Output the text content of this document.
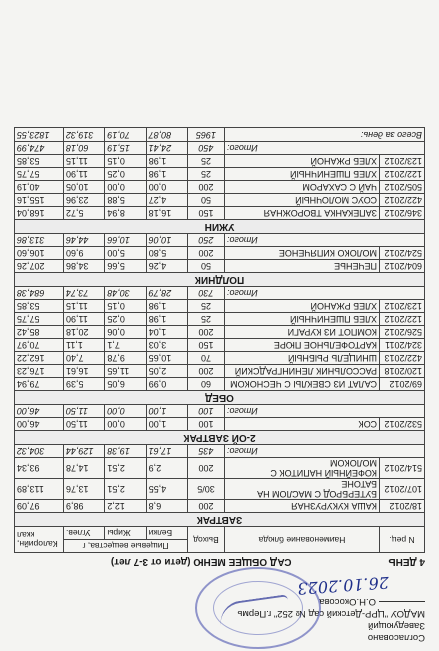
Согласовано
Заведующий
МАДОУ "ЦРР-Детский сад № 252" г.Пермь
О.Н.Окосова
26.10.2023
4 ДЕНЬ
САД ОБЩЕЕ МЕНЮ (дети от 3-7 лет)
N рец.	Наименование блюда	Выход	Пищевые вещества, г			Калорийн, ккал
			Белки	Жиры	Углев.	
ЗАВТРАК						
18/2012	КАША КУКУРУЗНАЯ	200	6,8	12,2	98,9	97,09
107/2012	БУТЕРБРОД С МАСЛОМ НА БАТОНЕ	30/5	4,55	2,51	13,76	113,89
514/2012	КОФЕЙНЫЙ НАПИТОК С МОЛОКОМ	200	2,9	2,51	14,78	93,34
Итого:		435	17,61	19,38	129,44	304,32
2-ОЙ ЗАВТРАК						
532/2012	СОК	100	1,00	0,00	11,50	46,00
Итого:		100	1,00	0,00	11,50	46,00
ОБЕД						
69/2012	САЛАТ ИЗ СВЕКЛЫ С ЧЕСНОКОМ	60	0,99	6,05	5,39	79,94
120/2018	РАССОЛЬНИК ЛЕНИНГРАДСКИЙ	200	2,05	11,65	16,61	176,23
422/2013	ШНИЦЕЛЬ РЫБНЫЙ	70	10,65	9,78	7,40	162,22
324/2011	КАРТОФЕЛЬНОЕ ПЮРЕ	150	3,03	7,1	1,11	70,97
526/2012	КОМПОТ ИЗ КУРАГИ	200	1,04	0,06	20,18	85,42
122/2012	ХЛЕБ ПШЕНИЧНЫЙ	25	1,98	0,25	11,90	57,75
123/2012	ХЛЕБ РЖАНОЙ	25	1,98	0,15	11,15	53,85
Итого:		730	28,79	30,48	73,74	684,38
ПОЛДНИК						
604/2012	ПЕЧЕНЬЕ	50	4,26	5,66	34,86	207,26
524/2012	МОЛОКО КИПЯЧЕНОЕ	200	5,80	5,00	9,60	106,60
Итого:		250	10,06	10,66	44,46	313,86
УЖИН						
346/2012	ЗАПЕКАНКА ТВОРОЖНАЯ	150	16,18	8,94	5,72	168,04
422/2012	СОУС МОЛОЧНЫЙ	50	4,27	5,88	23,96	155,16
505/2012	ЧАЙ С САХАРОМ	200	0,00	0,00	10,05	40,19
122/2012	ХЛЕБ ПШЕНИЧНЫЙ	25	1,98	0,25	11,90	57,75
123/2012	ХЛЕБ РЖАНОЙ	25	1,98	0,15	11,15	53,85
Итого:		450	24,41	15,19	60,18	474,99
Всего за день:		1965	80,87	70,19	319,32	1823,55
